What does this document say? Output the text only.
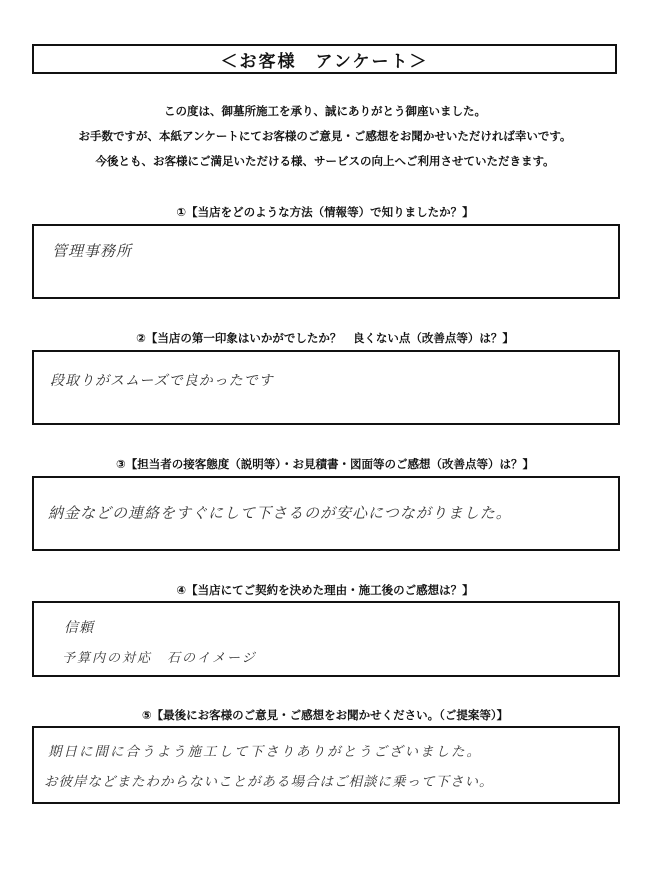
＜お客様　アンケート＞
この度は、御墓所施工を承り、誠にありがとう御座いました。
お手数ですが、本紙アンケートにてお客様のご意見・ご感想をお聞かせいただければ幸いです。
今後とも、お客様にご満足いただける様、サービスの向上へご利用させていただきます。
①【当店をどのような方法（情報等）で知りましたか？】
管理事務所
②【当店の第一印象はいかがでしたか？　良くない点（改善点等）は？】
段取りがスムーズで良かったです
③【担当者の接客態度（説明等）・お見積書・図面等のご感想（改善点等）は？】
納金などの連絡をすぐにして下さるのが安心につながりました。
④【当店にてご契約を決めた理由・施工後のご感想は？】
信頼
予算内の対応　石のイメージ
⑤【最後にお客様のご意見・ご感想をお聞かせください。（ご提案等）】
期日に間に合うよう施工して下さりありがとうございました。
お彼岸などまたわからないことがある場合はご相談に乗って下さい。
